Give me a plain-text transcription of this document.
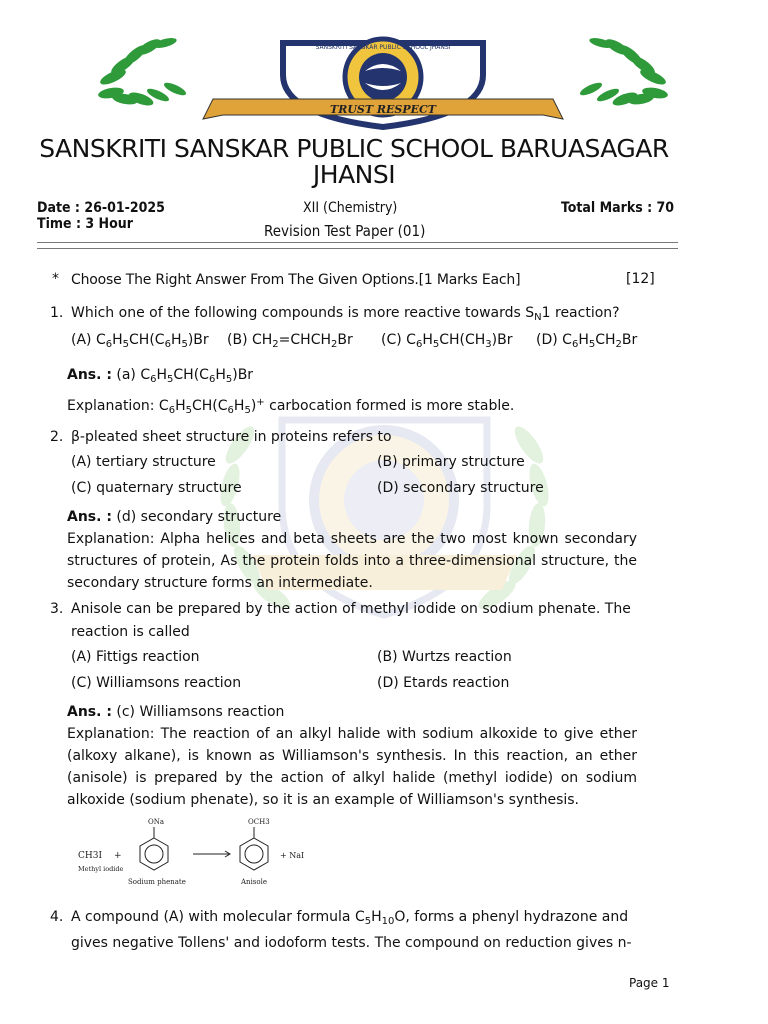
SANSKRITI SANSKAR PUBLIC SCHOOL JHANSI
TRUST RESPECT
SANSKRITI SANSKAR PUBLIC SCHOOL BARUASAGAR
JHANSI
Date : 26-01-2025
Time : 3 Hour
XII (Chemistry)
Revision Test Paper (01)
Total Marks : 70
* Choose The Right Answer From The Given Options.[1 Marks Each]	[12]
1. Which one of the following compounds is more reactive towards $S_N1$ reaction?
(A) $C_6H_5CH(C_6H_5)Br$ (B) $CH_2=CHCH_2Br$ (C) $C_6H_5CH(CH_3)Br$ (D) $C_6H_5CH_2Br$
Ans. : (a) $C_6H_5CH(C_6H_5)Br$
Explanation: $C_6H_5CH(C_6H_5)^+$ carbocation formed is more stable.
2. β-pleated sheet structure in proteins refers to
(A) tertiary structure	(B) primary structure
(C) quaternary structure	(D) secondary structure
Ans. : (d) secondary structure
Explanation: Alpha helices and beta sheets are the two most known secondary
structures of protein, As the protein folds into a three-dimensional structure, the
secondary structure forms an intermediate.
3. Anisole can be prepared by the action of methyl iodide on sodium phenate. The
reaction is called
(A) Fittigs reaction	(B) Wurtzs reaction
(C) Williamsons reaction	(D) Etards reaction
Ans. : (c) Williamsons reaction
Explanation: The reaction of an alkyl halide with sodium alkoxide to give ether
(alkoxy alkane), is known as Williamson's synthesis. In this reaction, an ether
(anisole) is prepared by the action of alkyl halide (methyl iodide) on sodium
alkoxide (sodium phenate), so it is an example of Williamson's synthesis.
CH3I
Methyl iodide
+
ONa
Sodium phenate
OCH3
Anisole
+ NaI
4. A compound (A) with molecular formula $C_5H_{10}O$, forms a phenyl hydrazone and
gives negative Tollens' and iodoform tests. The compound on reduction gives n-
Page 1
